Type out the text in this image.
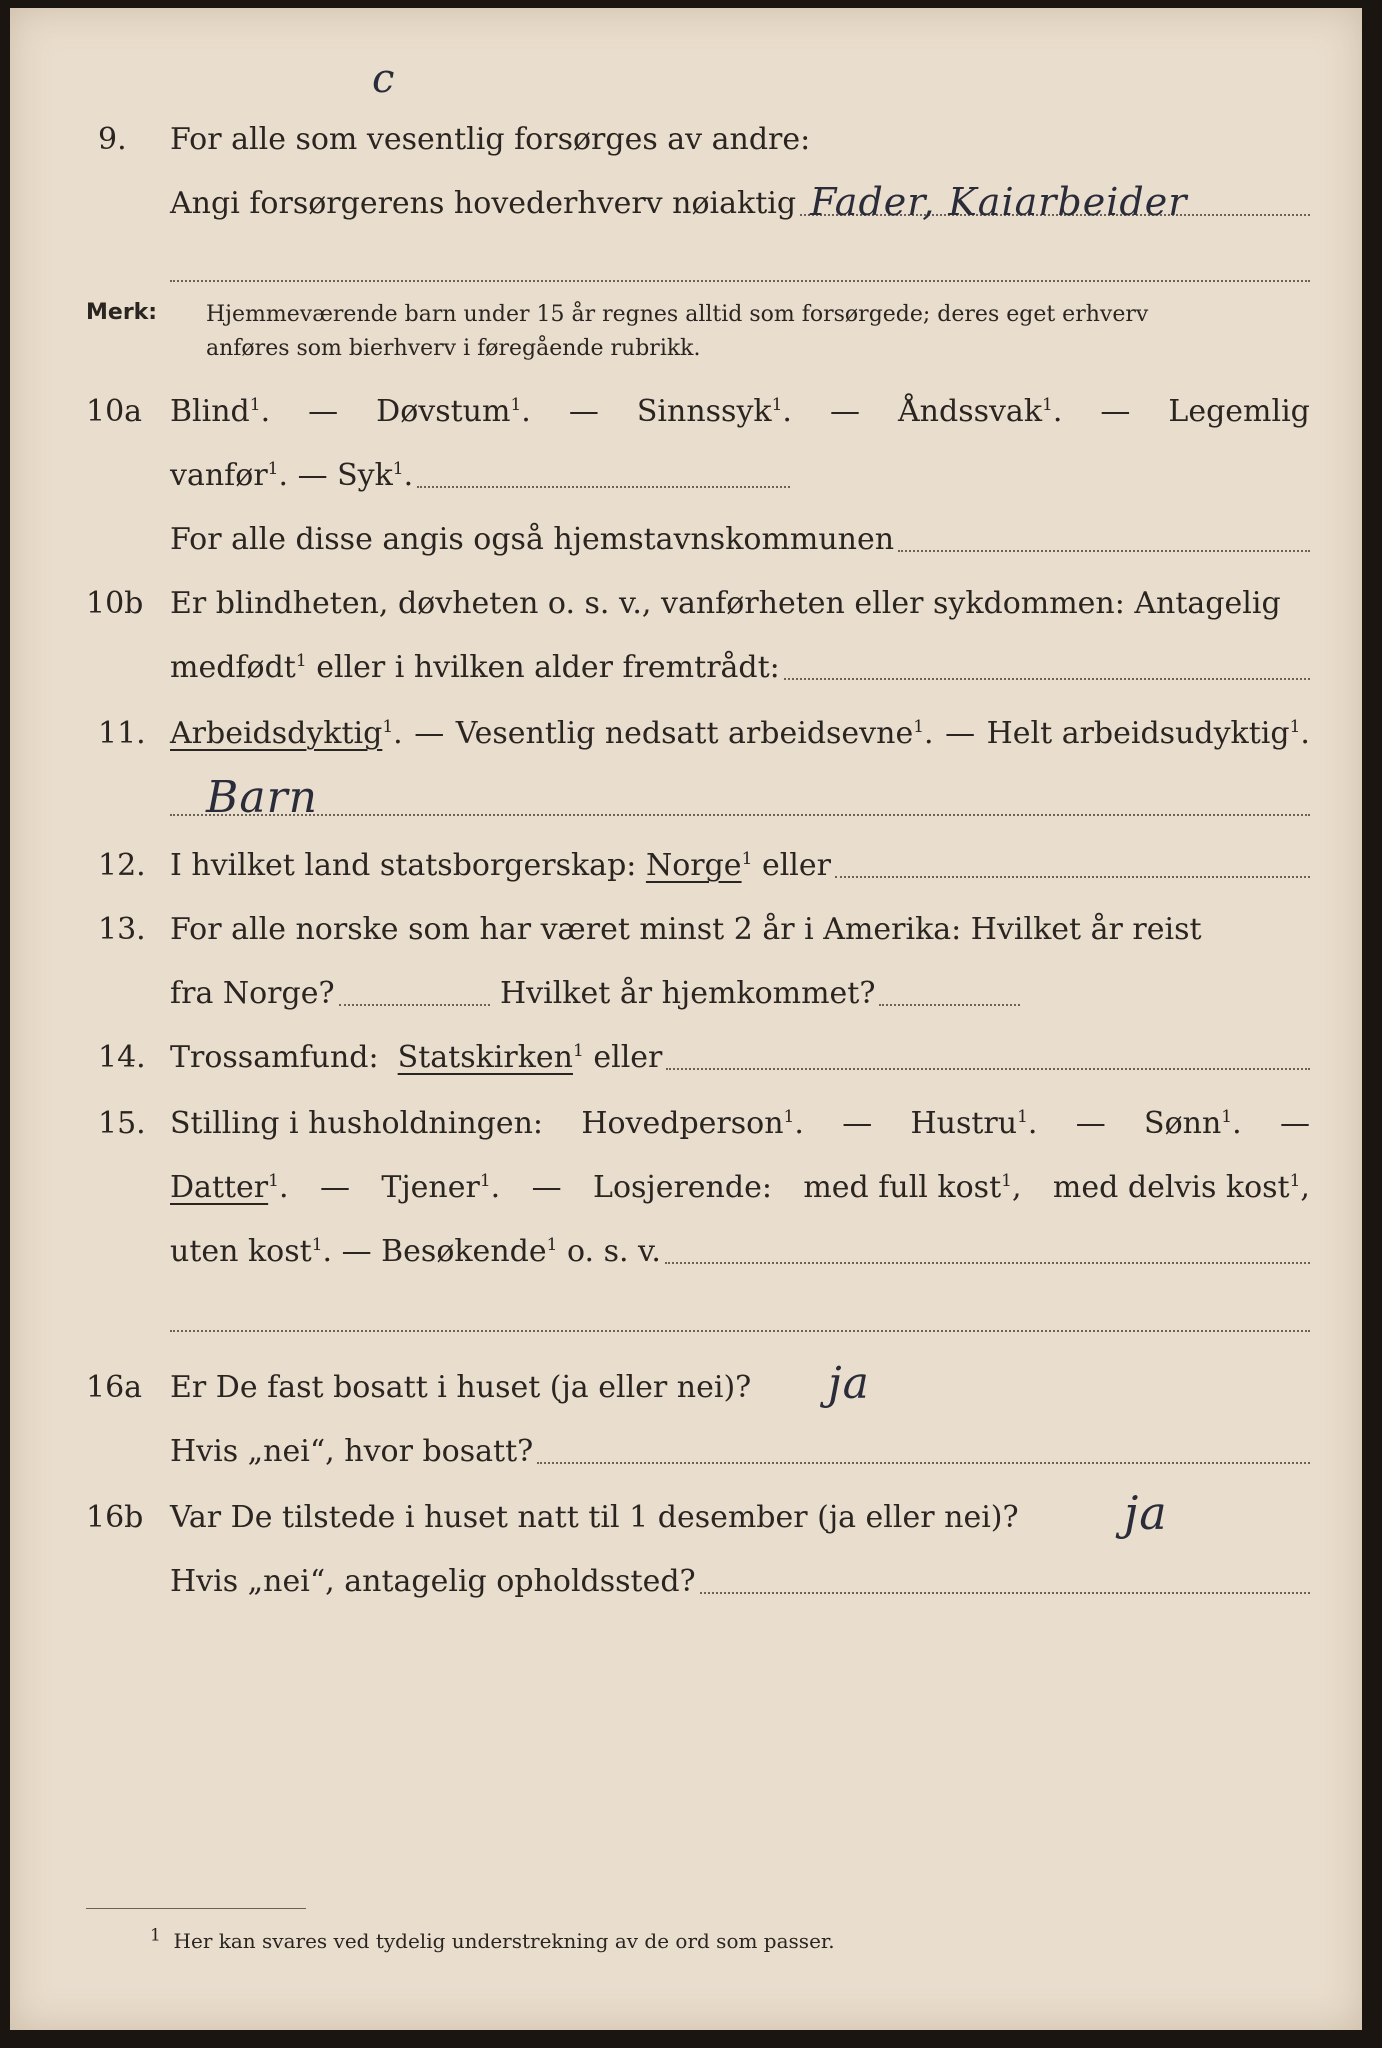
c
9. For alle som vesentlig forsørges av andre:
Angi forsørgerens hovederhverv nøiaktig Fader, Kaiarbeider
Merk: Hjemmeværende barn under 15 år regnes alltid som forsørgede; deres eget erhverv
anføres som bierhverv i føregående rubrikk.
10a Blind$^1$. — Døvstum$^1$. — Sinnssyk$^1$. — Åndssvak$^1$. — Legemlig
vanfør$^1$. — Syk$^1$.
For alle disse angis også hjemstavnskommunen
10b Er blindheten, døvheten o. s. v., vanførheten eller sykdommen: Antagelig
medfødt$^1$ eller i hvilken alder fremtrådt:
11. Arbeidsdyktig$^1$. — Vesentlig nedsatt arbeidsevne$^1$. — Helt arbeidsudyktig$^1$.
Barn
12. I hvilket land statsborgerskap: Norge$^1$ eller
13. For alle norske som har været minst 2 år i Amerika: Hvilket år reist
fra Norge?	Hvilket år hjemkommet?
14. Trossamfund: Statskirken$^1$ eller
15. Stilling i husholdningen: Hovedperson$^1$. — Hustru$^1$. — Sønn$^1$. —
Datter$^1$. — Tjener$^1$. — Losjerende: med full kost$^1$, med delvis kost$^1$,
uten kost$^1$. — Besøkende$^1$ o. s. v.
16a Er De fast bosatt i huset (ja eller nei)? ja
Hvis „nei“, hvor bosatt?
16b Var De tilstede i huset natt til 1 desember (ja eller nei)? ja
Hvis „nei“, antagelig opholdssted?
$^1$ Her kan svares ved tydelig understrekning av de ord som passer.
